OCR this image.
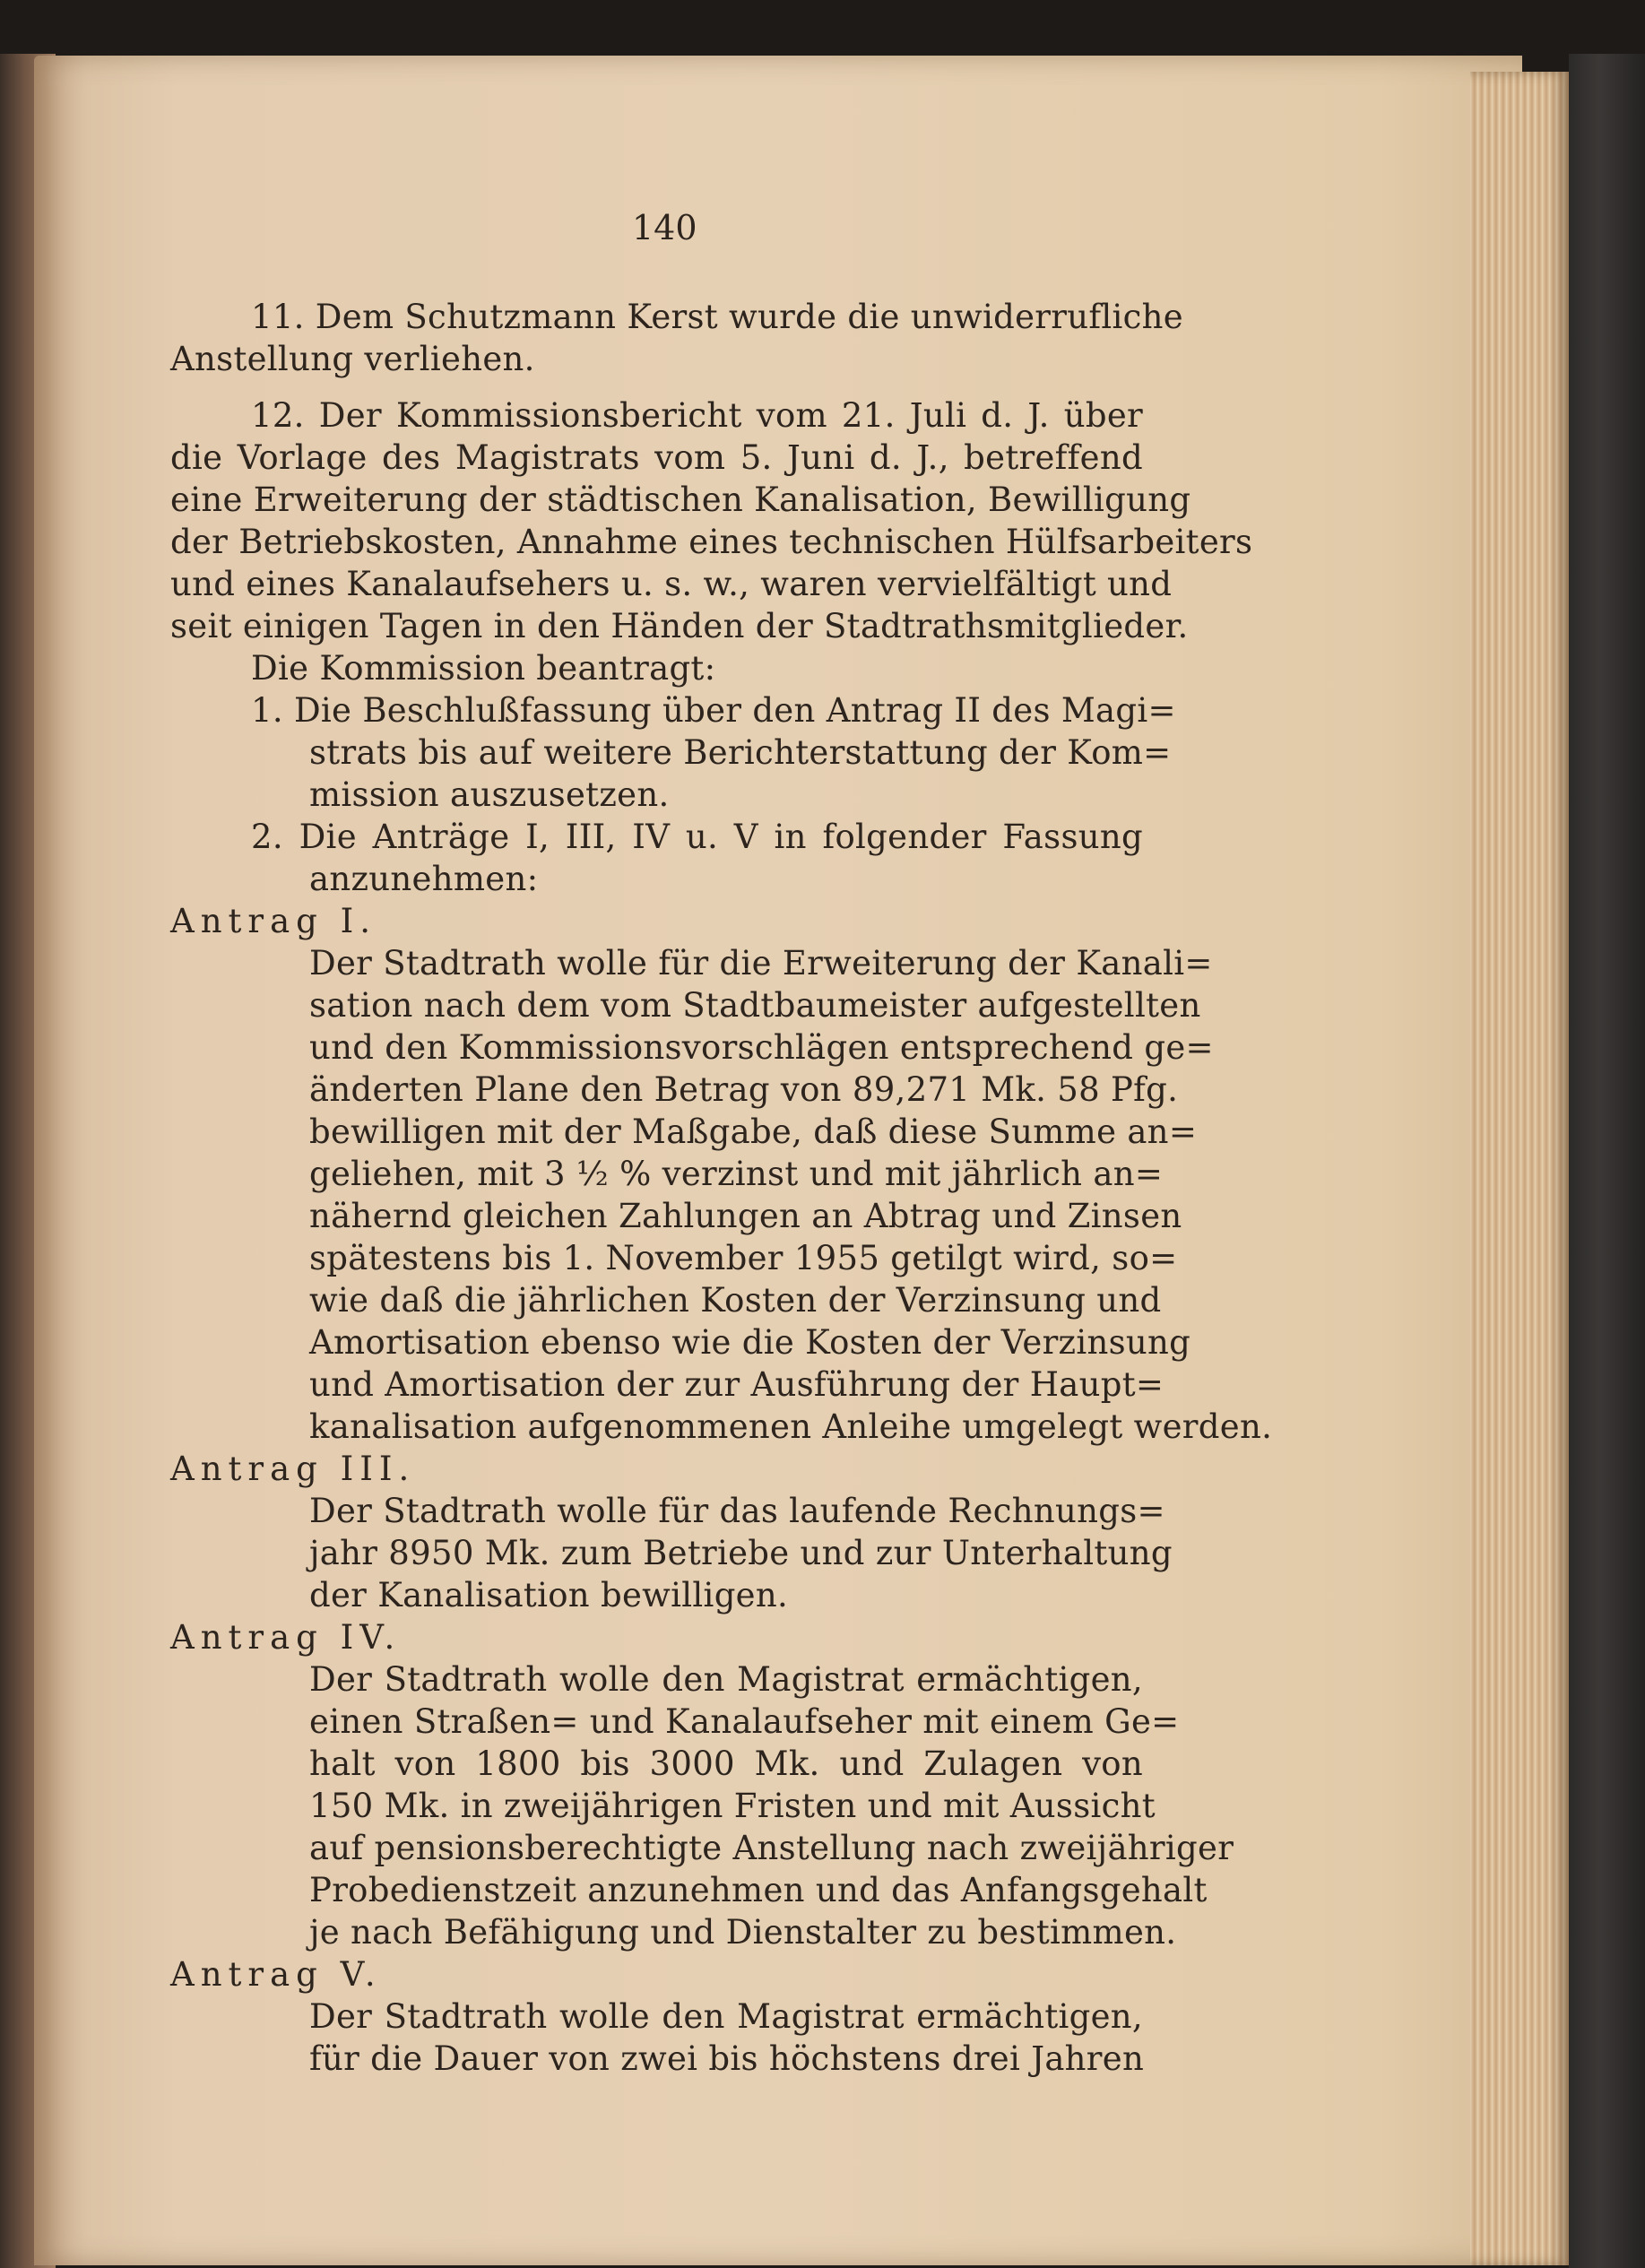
140
11. Dem Schutzmann Kerst wurde die unwiderrufliche
Anstellung verliehen.
12. Der Kommissionsbericht vom 21. Juli d. J. über
die Vorlage des Magistrats vom 5. Juni d. J., betreffend
eine Erweiterung der städtischen Kanalisation, Bewilligung
der Betriebskosten, Annahme eines technischen Hülfsarbeiters
und eines Kanalaufsehers u. s. w., waren vervielfältigt und
seit einigen Tagen in den Händen der Stadtrathsmitglieder.
Die Kommission beantragt:
1. Die Beschlußfassung über den Antrag II des Magi=
strats bis auf weitere Berichterstattung der Kom=
mission auszusetzen.
2. Die Anträge I, III, IV u. V in folgender Fassung
anzunehmen:
Antrag I.
Der Stadtrath wolle für die Erweiterung der Kanali=
sation nach dem vom Stadtbaumeister aufgestellten
und den Kommissionsvorschlägen entsprechend ge=
änderten Plane den Betrag von 89,271 Mk. 58 Pfg.
bewilligen mit der Maßgabe, daß diese Summe an=
geliehen, mit 3 ½ % verzinst und mit jährlich an=
nähernd gleichen Zahlungen an Abtrag und Zinsen
spätestens bis 1. November 1955 getilgt wird, so=
wie daß die jährlichen Kosten der Verzinsung und
Amortisation ebenso wie die Kosten der Verzinsung
und Amortisation der zur Ausführung der Haupt=
kanalisation aufgenommenen Anleihe umgelegt werden.
Antrag III.
Der Stadtrath wolle für das laufende Rechnungs=
jahr 8950 Mk. zum Betriebe und zur Unterhaltung
der Kanalisation bewilligen.
Antrag IV.
Der Stadtrath wolle den Magistrat ermächtigen,
einen Straßen= und Kanalaufseher mit einem Ge=
halt von 1800 bis 3000 Mk. und Zulagen von
150 Mk. in zweijährigen Fristen und mit Aussicht
auf pensionsberechtigte Anstellung nach zweijähriger
Probedienstzeit anzunehmen und das Anfangsgehalt
je nach Befähigung und Dienstalter zu bestimmen.
Antrag V.
Der Stadtrath wolle den Magistrat ermächtigen,
für die Dauer von zwei bis höchstens drei Jahren
